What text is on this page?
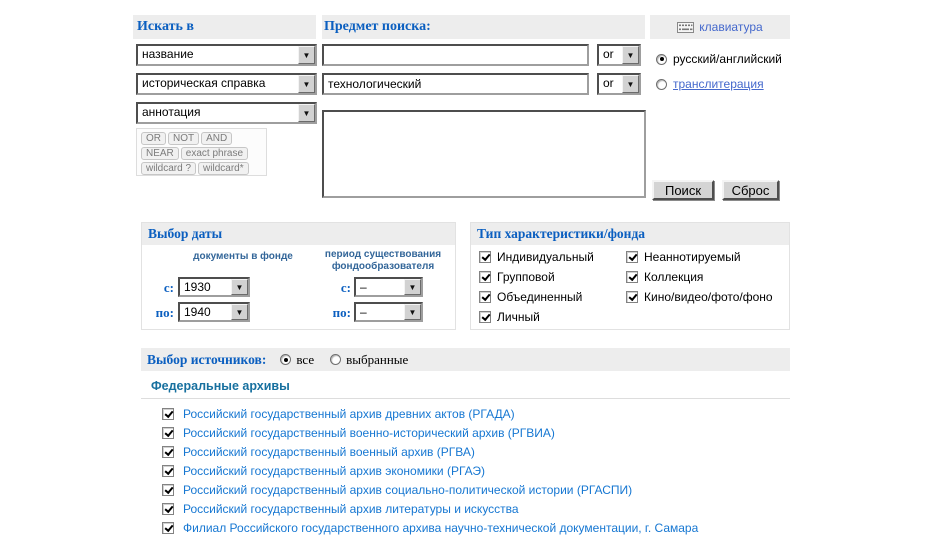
Искать в	Предмет поиска:	клавиатура
название	▼
историческая справка	▼
аннотация	▼
OR	NOT	AND
NEAR	exact phrase
wildcard ?	wildcard*
or	▼
технологический
or	▼
русский/английский
транслитерация
Поиск	Сброс
Выбор даты
документы в фонде	период существования фондообразователя
с: 1930	▼
по: 1940	▼
с: –	▼
по: –	▼
Тип характеристики/фонда
Индивидуальный
Групповой
Объединенный
Личный
Неаннотируемый
Коллекция
Кино/видео/фото/фоно
Выбор источников: все выбранные
Федеральные архивы
Российский государственный архив древних актов (РГАДА)
Российский государственный военно-исторический архив (РГВИА)
Российский государственный военный архив (РГВА)
Российский государственный архив экономики (РГАЭ)
Российский государственный архив социально-политической истории (РГАСПИ)
Российский государственный архив литературы и искусства
Филиал Российского государственного архива научно-технической документации, г. Самара
